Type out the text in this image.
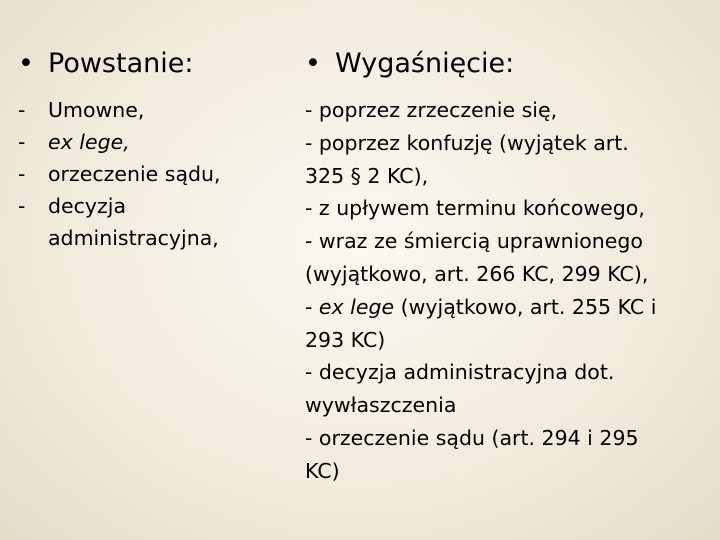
• Powstanie:
- Umowne,
- ex lege,
- orzeczenie sądu,
- decyzja administracyjna,
• Wygaśnięcie:

- poprzez zrzeczenie się,
- poprzez konfuzję (wyjątek art.
325 § 2 KC),
- z upływem terminu końcowego,
- wraz ze śmiercią uprawnionego
(wyjątkowo, art. 266 KC, 299 KC),
- ex lege (wyjątkowo, art. 255 KC i
293 KC)
- decyzja administracyjna dot.
wywłaszczenia
- orzeczenie sądu (art. 294 i 295
KC)
